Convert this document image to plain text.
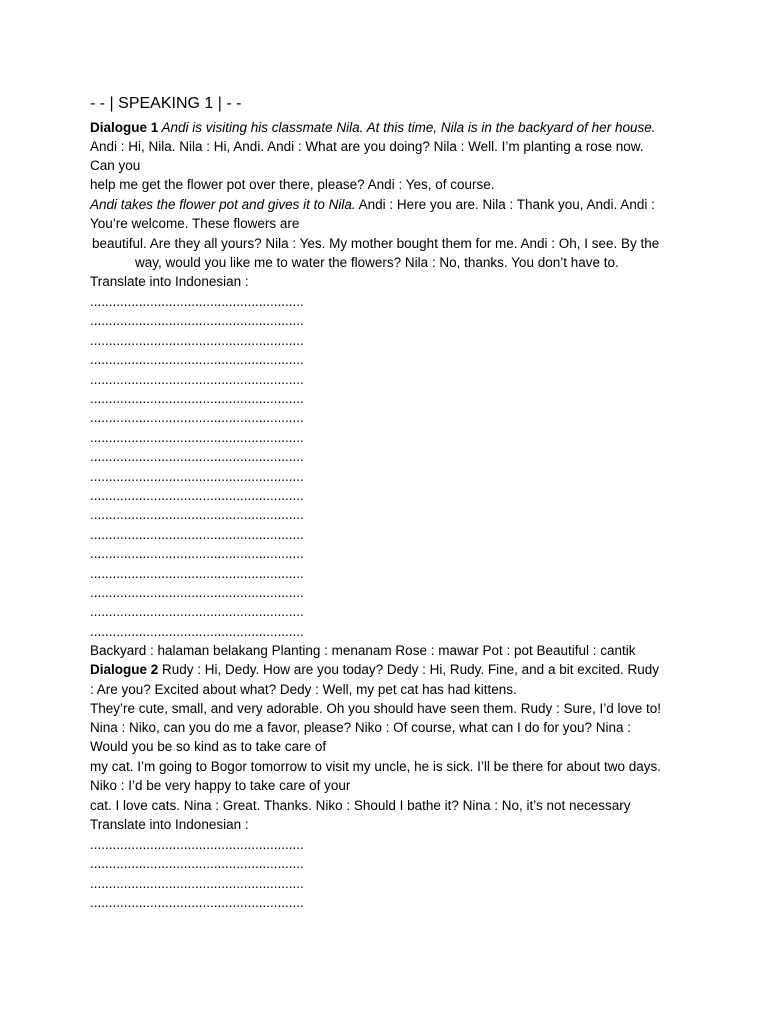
- - | SPEAKING 1 | - -
Dialogue 1 Andi is visiting his classmate Nila. At this time, Nila is in the backyard of her house.
Andi : Hi, Nila. Nila : Hi, Andi. Andi : What are you doing? Nila : Well. I’m planting a rose now.
Can you
help me get the flower pot over there, please? Andi : Yes, of course.
Andi takes the flower pot and gives it to Nila. Andi : Here you are. Nila : Thank you, Andi. Andi :
You’re welcome. These flowers are
beautiful. Are they all yours? Nila : Yes. My mother bought them for me. Andi : Oh, I see. By the
way, would you like me to water the flowers? Nila : No, thanks. You don’t have to.
Translate into Indonesian :
.........................................................
.........................................................
.........................................................
.........................................................
.........................................................
.........................................................
.........................................................
.........................................................
.........................................................
.........................................................
.........................................................
.........................................................
.........................................................
.........................................................
.........................................................
.........................................................
.........................................................
.........................................................
Backyard : halaman belakang Planting : menanam Rose : mawar Pot : pot Beautiful : cantik
Dialogue 2 Rudy : Hi, Dedy. How are you today? Dedy : Hi, Rudy. Fine, and a bit excited. Rudy
: Are you? Excited about what? Dedy : Well, my pet cat has had kittens.
They’re cute, small, and very adorable. Oh you should have seen them. Rudy : Sure, I’d love to!
Nina : Niko, can you do me a favor, please? Niko : Of course, what can I do for you? Nina :
Would you be so kind as to take care of
my cat. I’m going to Bogor tomorrow to visit my uncle, he is sick. I’ll be there for about two days.
Niko : I’d be very happy to take care of your
cat. I love cats. Nina : Great. Thanks. Niko : Should I bathe it? Nina : No, it’s not necessary
Translate into Indonesian :
.........................................................
.........................................................
.........................................................
.........................................................
